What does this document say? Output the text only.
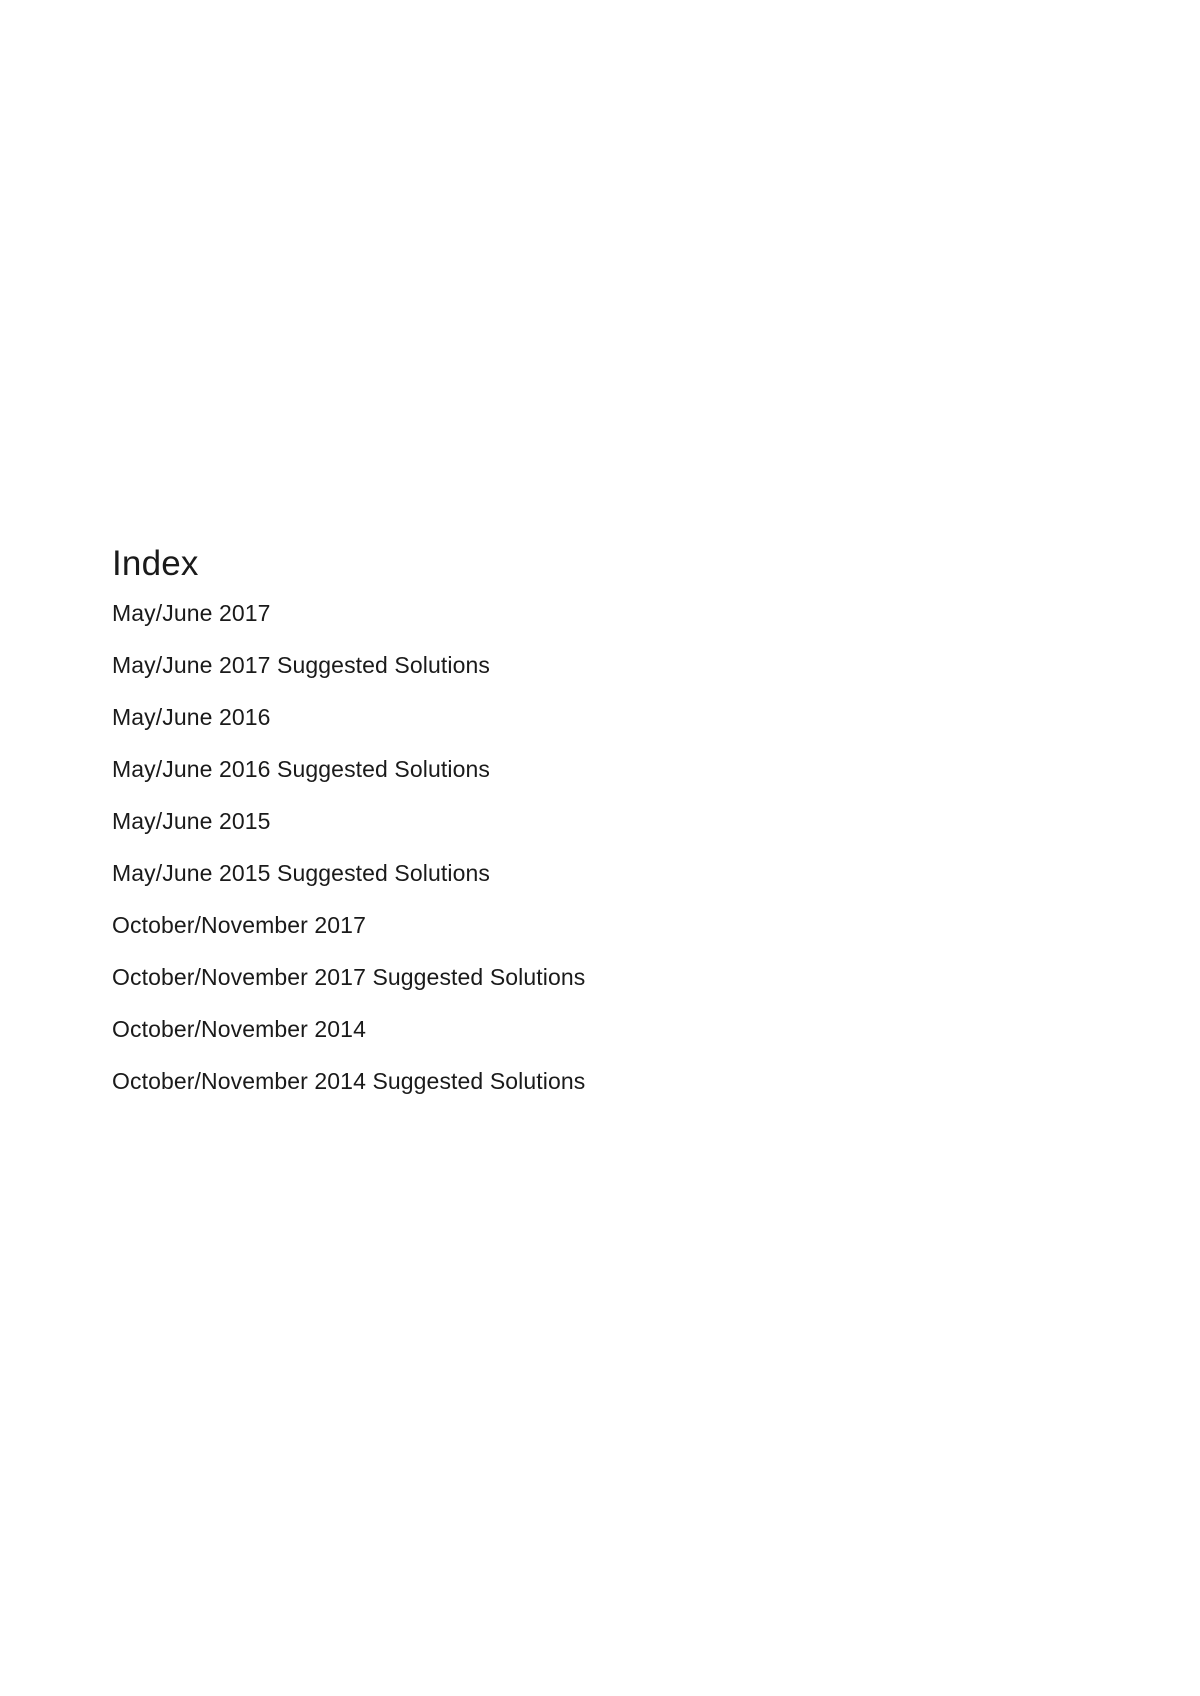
Index
May/June 2017
May/June 2017 Suggested Solutions
May/June 2016
May/June 2016 Suggested Solutions
May/June 2015
May/June 2015 Suggested Solutions
October/November 2017
October/November 2017 Suggested Solutions
October/November 2014
October/November 2014 Suggested Solutions
